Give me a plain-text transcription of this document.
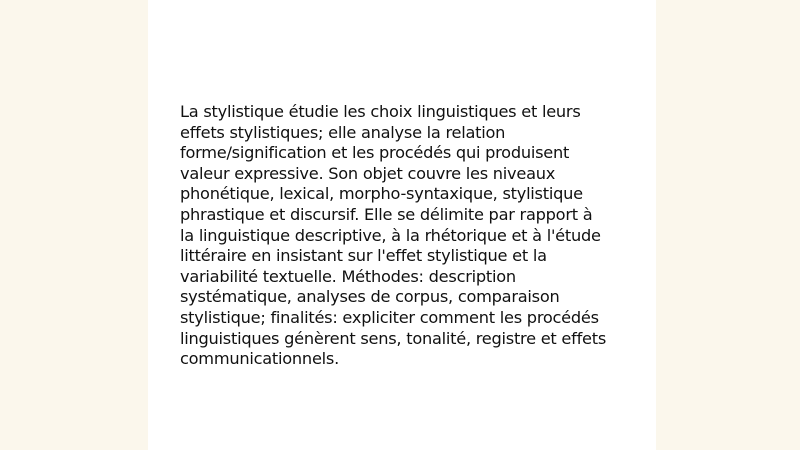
La stylistique étudie les choix linguistiques et leurs
effets stylistiques; elle analyse la relation
forme/signification et les procédés qui produisent
valeur expressive. Son objet couvre les niveaux
phonétique, lexical, morpho-syntaxique, stylistique
phrastique et discursif. Elle se délimite par rapport à
la linguistique descriptive, à la rhétorique et à l'étude
littéraire en insistant sur l'effet stylistique et la
variabilité textuelle. Méthodes: description
systématique, analyses de corpus, comparaison
stylistique; finalités: expliciter comment les procédés
linguistiques génèrent sens, tonalité, registre et effets
communicationnels.
